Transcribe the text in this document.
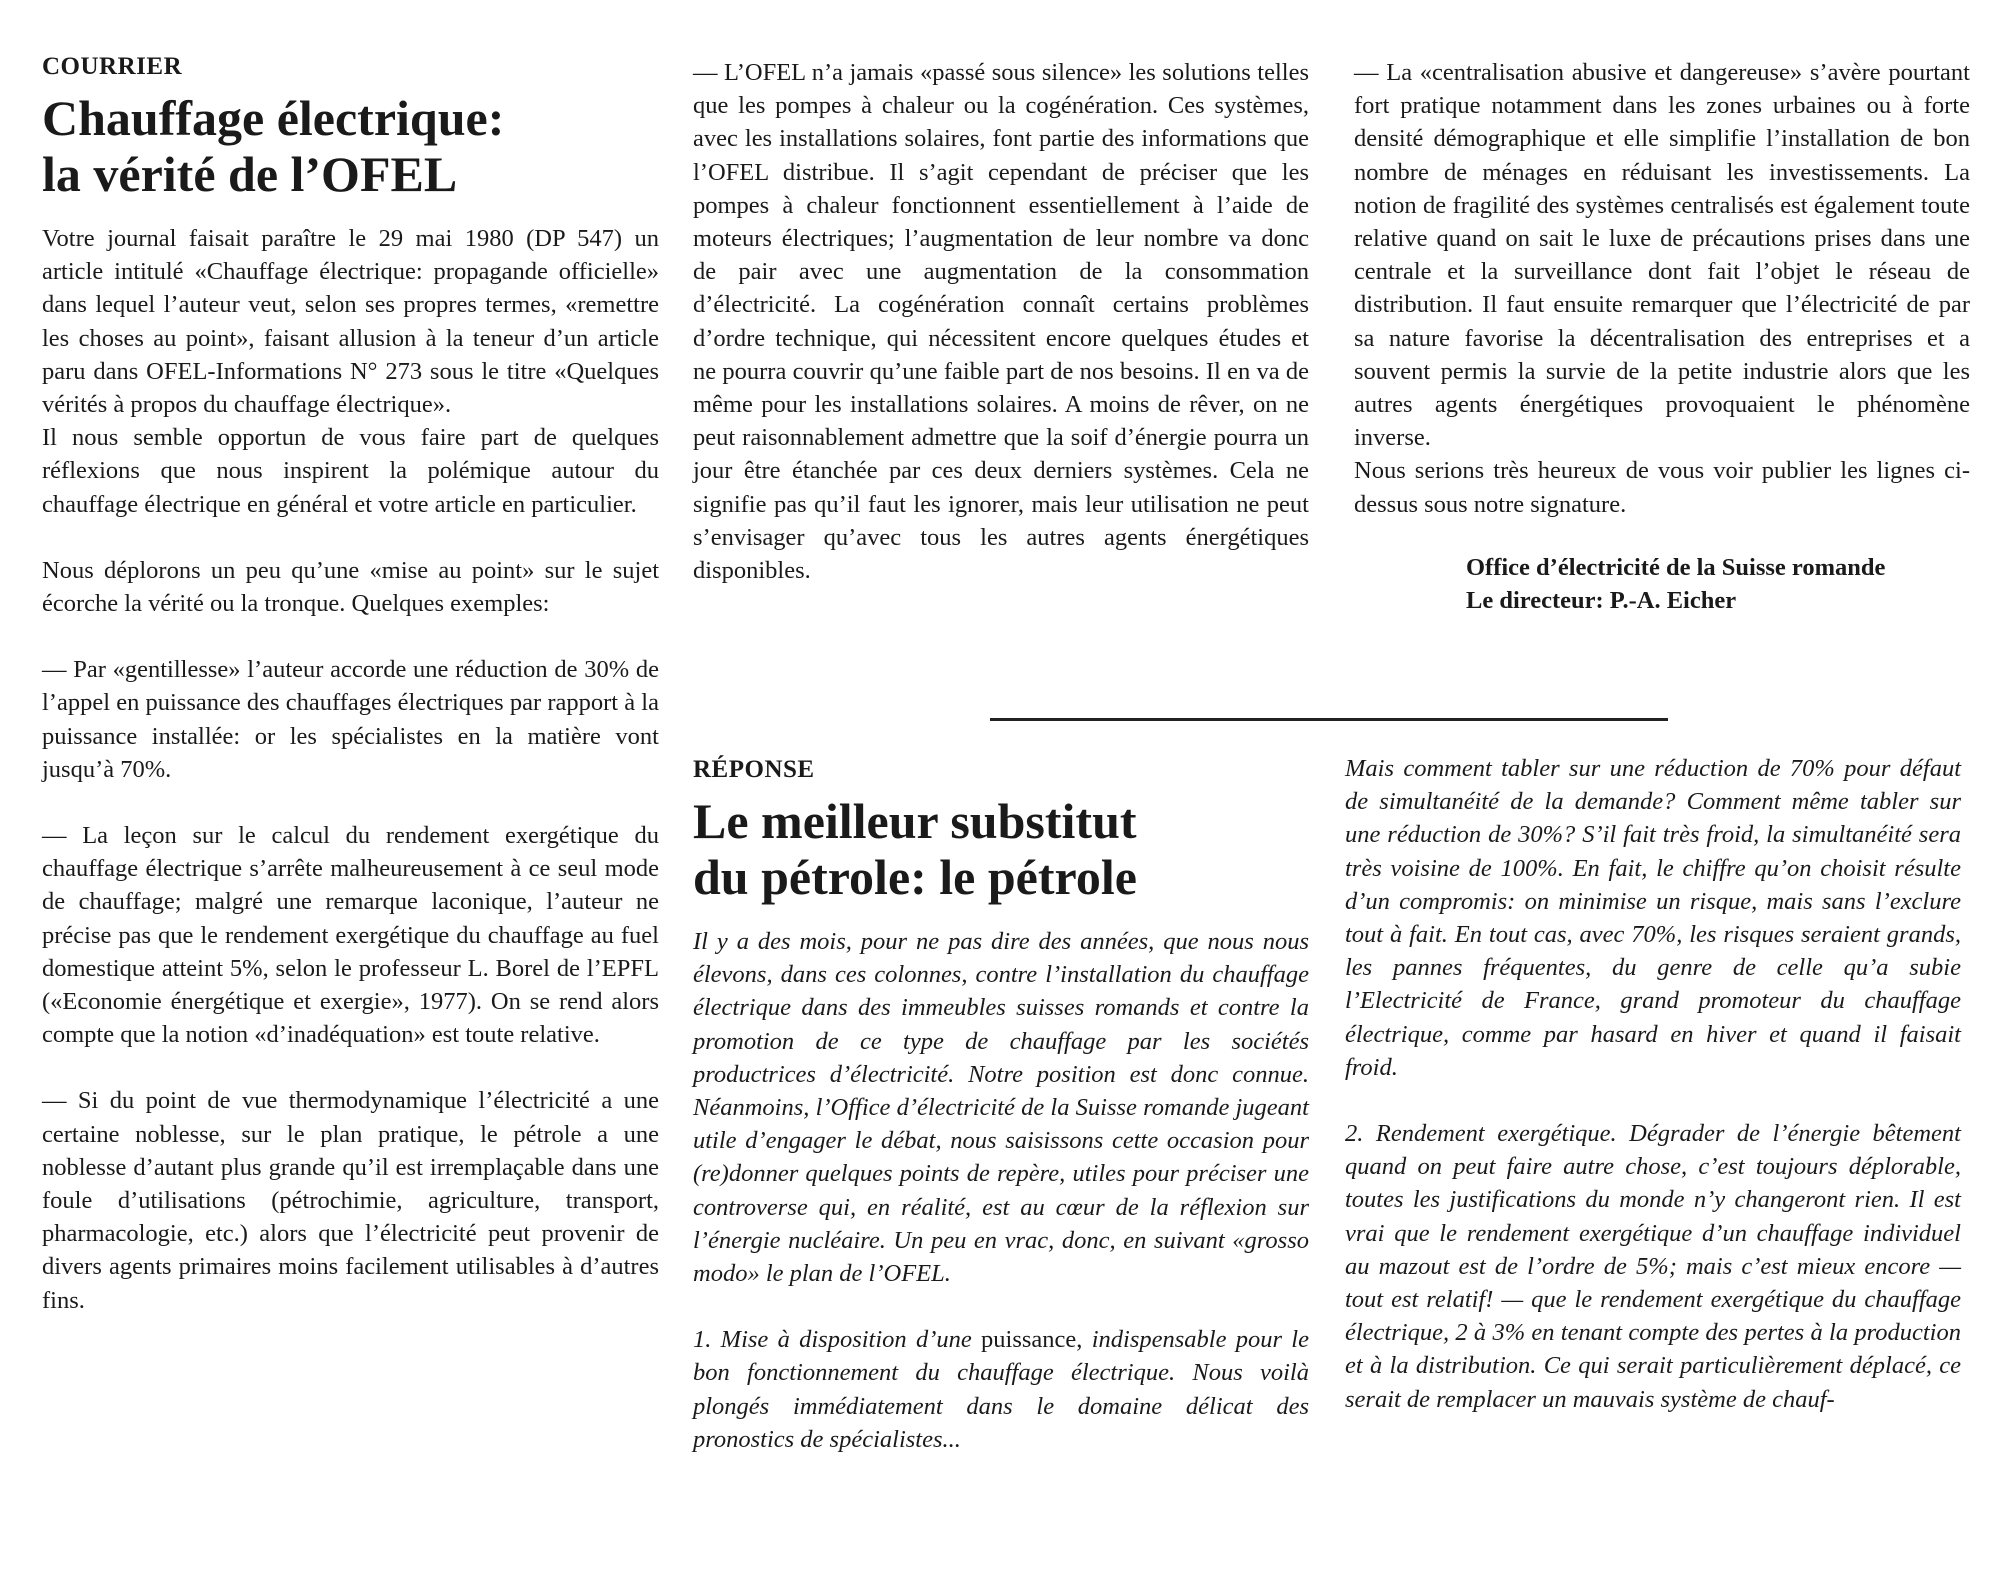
COURRIER
Chauffage électrique:
la vérité de l’OFEL

Votre journal faisait paraître le 29 mai 1980 (DP 547) un article intitulé «Chauffage électrique: propagande officielle» dans lequel l’auteur veut, selon ses propres termes, «remettre les choses au point», faisant allusion à la teneur d’un article paru dans OFEL-Informations N° 273 sous le titre «Quelques vérités à propos du chauffage électrique».

Il nous semble opportun de vous faire part de quelques réflexions que nous inspirent la polémique autour du chauffage électrique en général et votre article en particulier.

Nous déplorons un peu qu’une «mise au point» sur le sujet écorche la vérité ou la tronque. Quelques exemples:

— Par «gentillesse» l’auteur accorde une réduction de 30% de l’appel en puissance des chauffages électriques par rapport à la puissance installée: or les spécialistes en la matière vont jusqu’à 70%.

— La leçon sur le calcul du rendement exergétique du chauffage électrique s’arrête malheureusement à ce seul mode de chauffage; malgré une remarque laconique, l’auteur ne précise pas que le rendement exergétique du chauffage au fuel domestique atteint 5%, selon le professeur L. Borel de l’EPFL («Economie énergétique et exergie», 1977). On se rend alors compte que la notion «d’inadéquation» est toute relative.

— Si du point de vue thermodynamique l’électricité a une certaine noblesse, sur le plan pratique, le pétrole a une noblesse d’autant plus grande qu’il est irremplaçable dans une foule d’utilisations (pétrochimie, agriculture, transport, pharmacologie, etc.) alors que l’électricité peut provenir de divers agents primaires moins facilement utilisables à d’autres fins.

— L’OFEL n’a jamais «passé sous silence» les solutions telles que les pompes à chaleur ou la cogénération. Ces systèmes, avec les installations solaires, font partie des informations que l’OFEL distribue. Il s’agit cependant de préciser que les pompes à chaleur fonctionnent essentiellement à l’aide de moteurs électriques; l’augmentation de leur nombre va donc de pair avec une augmentation de la consommation d’électricité. La cogénération connaît certains problèmes d’ordre technique, qui nécessitent encore quelques études et ne pourra couvrir qu’une faible part de nos besoins. Il en va de même pour les installations solaires. A moins de rêver, on ne peut raisonnablement admettre que la soif d’énergie pourra un jour être étanchée par ces deux derniers systèmes. Cela ne signifie pas qu’il faut les ignorer, mais leur utilisation ne peut s’envisager qu’avec tous les autres agents énergétiques disponibles.

— La «centralisation abusive et dangereuse» s’avère pourtant fort pratique notamment dans les zones urbaines ou à forte densité démographique et elle simplifie l’installation de bon nombre de ménages en réduisant les investissements. La notion de fragilité des systèmes centralisés est également toute relative quand on sait le luxe de précautions prises dans une centrale et la surveillance dont fait l’objet le réseau de distribution. Il faut ensuite remarquer que l’électricité de par sa nature favorise la décentralisation des entreprises et a souvent permis la survie de la petite industrie alors que les autres agents énergétiques provoquaient le phénomène inverse.

Nous serions très heureux de vous voir publier les lignes ci-dessus sous notre signature.

Office d’électricité de la Suisse romande
Le directeur: P.-A. Eicher
RÉPONSE
Le meilleur substitut
du pétrole: le pétrole

Il y a des mois, pour ne pas dire des années, que nous nous élevons, dans ces colonnes, contre l’installation du chauffage électrique dans des immeubles suisses romands et contre la promotion de ce type de chauffage par les sociétés productrices d’électricité. Notre position est donc connue. Néanmoins, l’Office d’électricité de la Suisse romande jugeant utile d’engager le débat, nous saisissons cette occasion pour (re)donner quelques points de repère, utiles pour préciser une controverse qui, en réalité, est au cœur de la réflexion sur l’énergie nucléaire. Un peu en vrac, donc, en suivant «grosso modo» le plan de l’OFEL.

1. Mise à disposition d’une puissance, indispensable pour le bon fonctionnement du chauffage électrique. Nous voilà plongés immédiatement dans le domaine délicat des pronostics de spécialistes...

Mais comment tabler sur une réduction de 70% pour défaut de simultanéité de la demande? Comment même tabler sur une réduction de 30%? S’il fait très froid, la simultanéité sera très voisine de 100%. En fait, le chiffre qu’on choisit résulte d’un compromis: on minimise un risque, mais sans l’exclure tout à fait. En tout cas, avec 70%, les risques seraient grands, les pannes fréquentes, du genre de celle qu’a subie l’Electricité de France, grand promoteur du chauffage électrique, comme par hasard en hiver et quand il faisait froid.

2. Rendement exergétique. Dégrader de l’énergie bêtement quand on peut faire autre chose, c’est toujours déplorable, toutes les justifications du monde n’y changeront rien. Il est vrai que le rendement exergétique d’un chauffage individuel au mazout est de l’ordre de 5%; mais c’est mieux encore — tout est relatif! — que le rendement exergétique du chauffage électrique, 2 à 3% en tenant compte des pertes à la production et à la distribution. Ce qui serait particulièrement déplacé, ce serait de remplacer un mauvais système de chauf-
